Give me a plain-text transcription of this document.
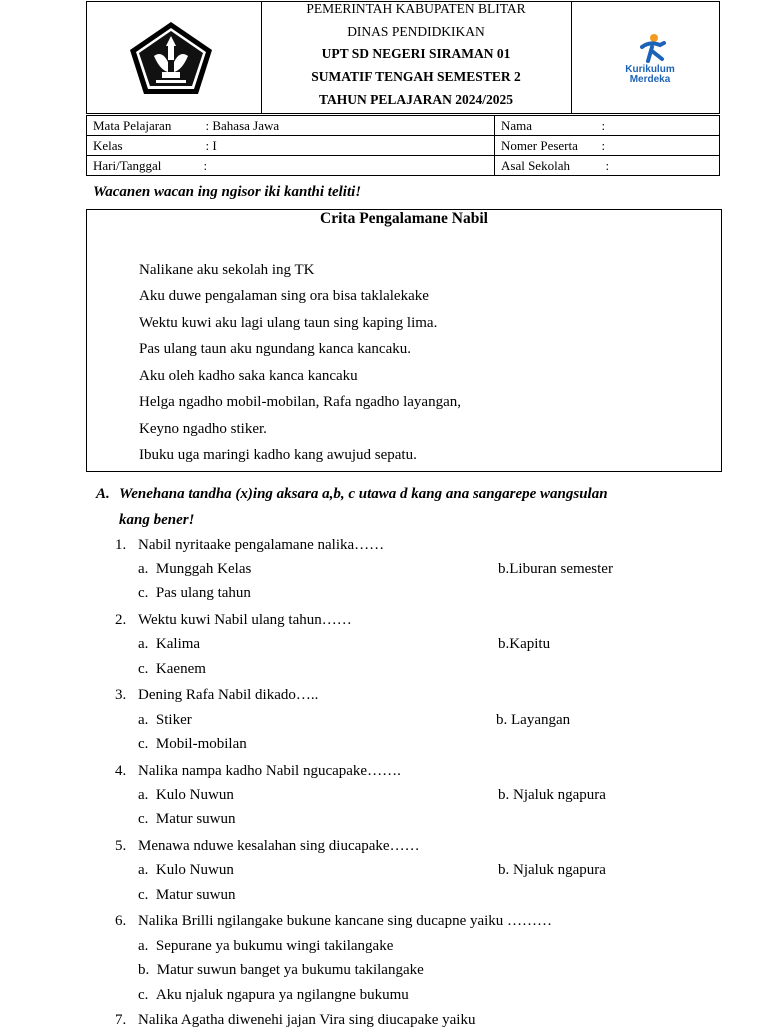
PEMERINTAH KABUPATEN BLITAR
DINAS PENDIDKIKAN
UPT SD NEGERI SIRAMAN 01
SUMATIF TENGAH SEMESTER 2
TAHUN PELAJARAN 2024/2025
Kurikulum
Merdeka
Mata Pelajaran : Bahasa Jawa	Nama :

Kelas : I	Nomer Peserta :

Hari/Tanggal :	Asal Sekolah :
Wacanen wacan ing ngisor iki kanthi teliti!
Crita Pengalamane Nabil
Nalikane aku sekolah ing TK
Aku duwe pengalaman sing ora bisa taklalekake
Wektu kuwi aku lagi ulang taun sing kaping lima.
Pas ulang taun aku ngundang kanca kancaku.
Aku oleh kadho saka kanca kancaku
Helga ngadho mobil-mobilan, Rafa ngadho layangan,
Keyno ngadho stiker.
Ibuku uga maringi kadho kang awujud sepatu.
A. Wenehana tandha (x)ing aksara a,b, c utawa d kang ana sangarepe wangsulan
kang bener!
1. Nabil nyritaake pengalamane nalika……
a.  Munggah Kelas	b.Liburan semester
c.  Pas ulang tahun
2. Wektu kuwi Nabil ulang tahun……
a.  Kalima	b.Kapitu
c.  Kaenem
3. Dening Rafa Nabil dikado…..
a.  Stiker	b. Layangan
c.  Mobil-mobilan
4. Nalika nampa kadho Nabil ngucapake…….
a.  Kulo Nuwun	b. Njaluk ngapura
c.  Matur suwun
5. Menawa nduwe kesalahan sing diucapake……
a.  Kulo Nuwun	b. Njaluk ngapura
c.  Matur suwun
6. Nalika Brilli ngilangake bukune kancane sing ducapne yaiku ………
a.  Sepurane ya bukumu wingi takilangake
b.  Matur suwun banget ya bukumu takilangake
c.  Aku njaluk ngapura ya ngilangne bukumu
7. Nalika Agatha diwenehi jajan Vira sing diucapake yaiku
